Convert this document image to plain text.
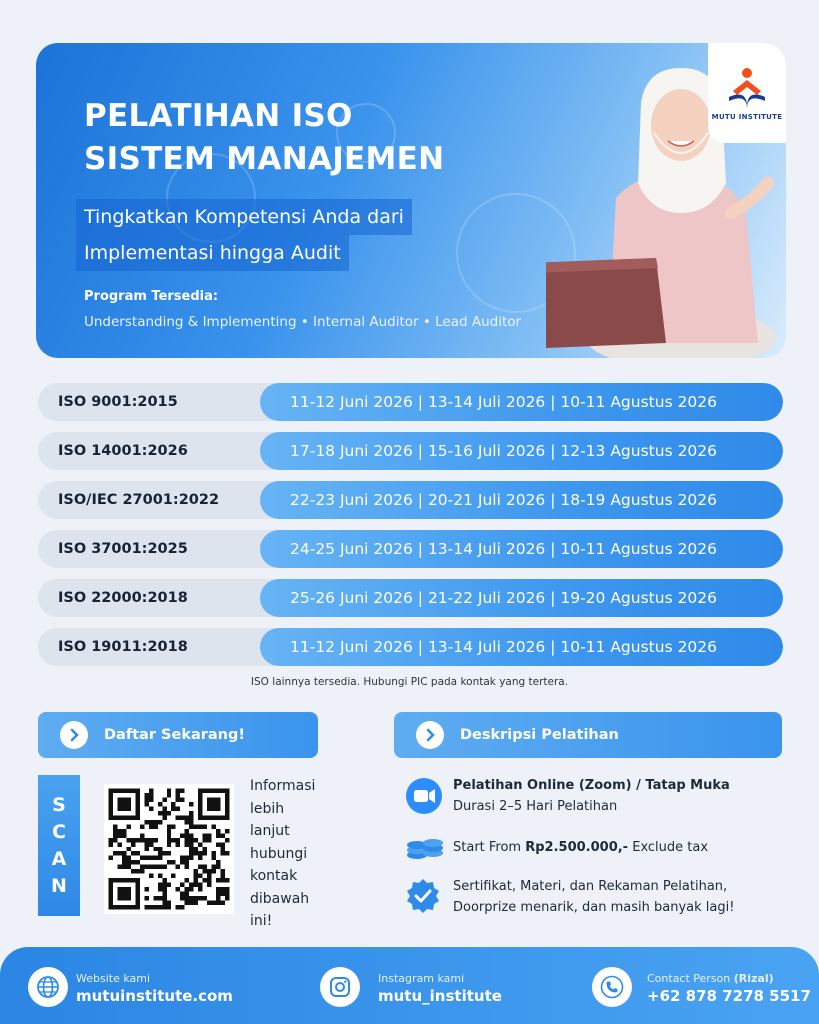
PELATIHAN ISO
SISTEM MANAJEMEN
Tingkatkan Kompetensi Anda dari
Implementasi hingga Audit
Program Tersedia:
Understanding & Implementing • Internal Auditor • Lead Auditor
MUTU INSTITUTE
ISO 9001:2015	11-12 Juni 2026 | 13-14 Juli 2026 | 10-11 Agustus 2026
ISO 14001:2026	17-18 Juni 2026 | 15-16 Juli 2026 | 12-13 Agustus 2026
ISO/IEC 27001:2022	22-23 Juni 2026 | 20-21 Juli 2026 | 18-19 Agustus 2026
ISO 37001:2025	24-25 Juni 2026 | 13-14 Juli 2026 | 10-11 Agustus 2026
ISO 22000:2018	25-26 Juni 2026 | 21-22 Juli 2026 | 19-20 Agustus 2026
ISO 19011:2018	11-12 Juni 2026 | 13-14 Juli 2026 | 10-11 Agustus 2026
ISO lainnya tersedia. Hubungi PIC pada kontak yang tertera.
Daftar Sekarang!
S
C
A
N
Informasi
lebih
lanjut
hubungi
kontak
dibawah
ini!
Deskripsi Pelatihan
Pelatihan Online (Zoom) / Tatap Muka
Durasi 2–5 Hari Pelatihan
Start From Rp2.500.000,- Exclude tax
Sertifikat, Materi, dan Rekaman Pelatihan,
Doorprize menarik, dan masih banyak lagi!
Website kami
mutuinstitute.com
Instagram kami
mutu_institute
Contact Person (Rizal)
+62 878 7278 5517
